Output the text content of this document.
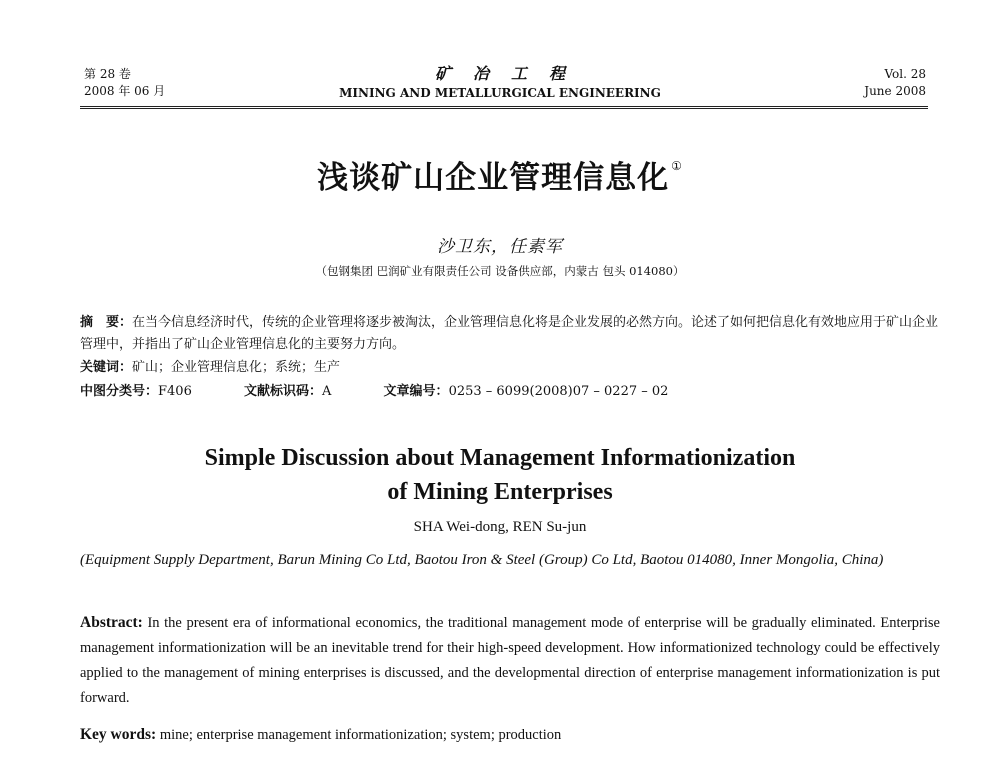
第 28 卷
2008 年 06 月
矿冶工程
MINING AND METALLURGICAL ENGINEERING
Vol. 28
June 2008
浅谈矿山企业管理信息化 ①
沙卫东，任素军
（包钢集团 巴润矿业有限责任公司 设备供应部，内蒙古 包头 014080）
摘　要：在当今信息经济时代，传统的企业管理将逐步被淘汰，企业管理信息化将是企业发展的必然方向。论述了如何把信息化有效地应用于矿山企业管理中，并指出了矿山企业管理信息化的主要努力方向。
关键词：矿山；企业管理信息化；系统；生产
中图分类号：F406	文献标识码：A	文章编号：0253 – 6099(2008)07 – 0227 – 02
Simple Discussion about Management Informationization
of Mining Enterprises
SHA Wei-dong, REN Su-jun
(Equipment Supply Department, Barun Mining Co Ltd, Baotou Iron & Steel (Group) Co Ltd, Baotou 014080, Inner Mongolia, China)
Abstract: In the present era of informational economics, the traditional management mode of enterprise will be gradually eliminated. Enterprise management informationization will be an inevitable trend for their high-speed development. How informationized technology could be effectively applied to the management of mining enterprises is discussed, and the developmental direction of enterprise management informationization is put forward.
Key words: mine; enterprise management informationization; system; production
